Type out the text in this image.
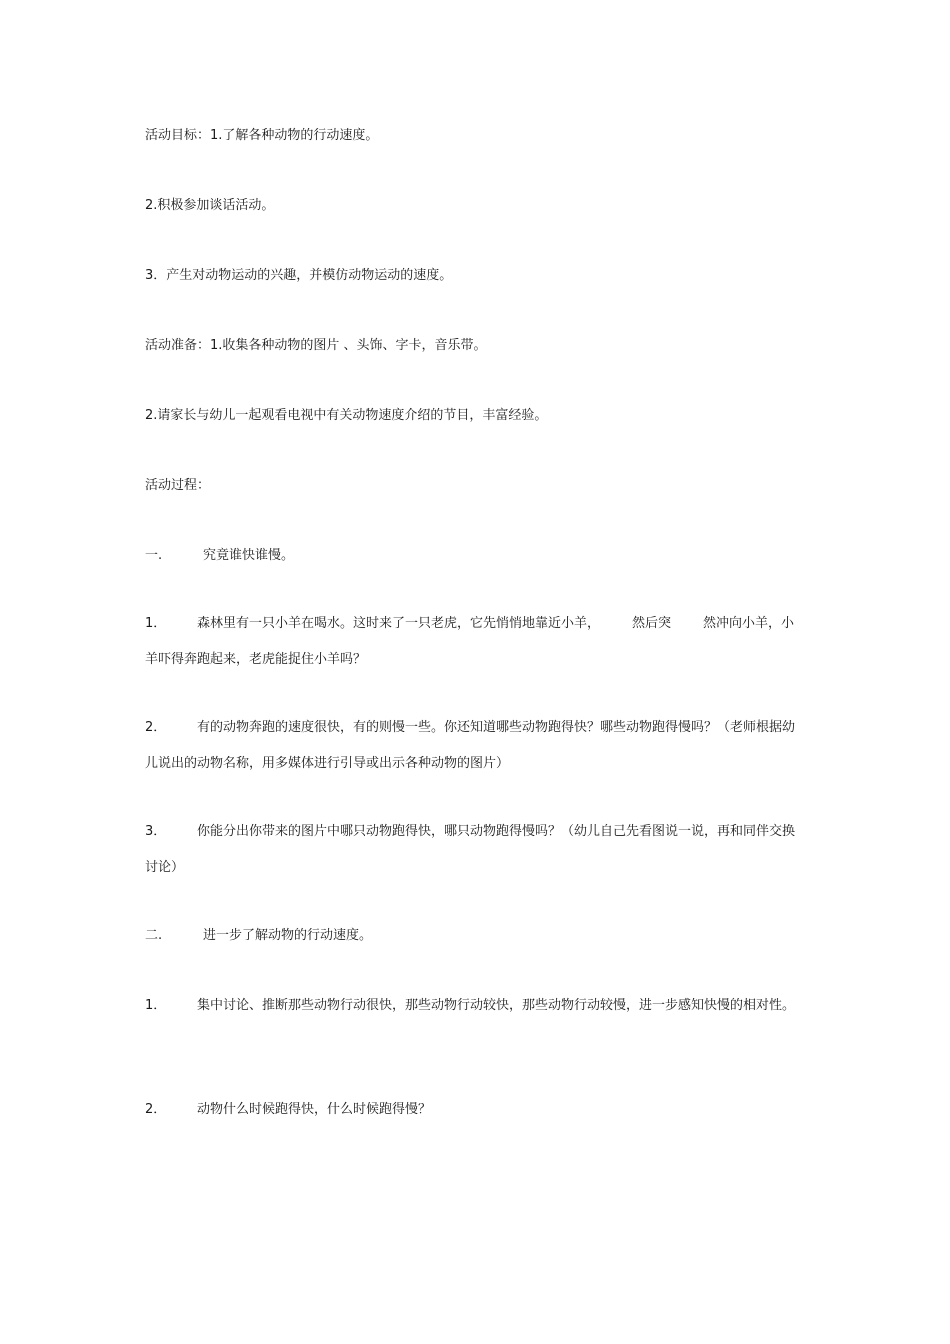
活动目标：1.了解各种动物的行动速度。
2.积极参加谈话活动。
3．产生对动物运动的兴趣，并模仿动物运动的速度。
活动准备：1.收集各种动物的图片 、头饰、字卡，音乐带。
2.请家长与幼儿一起观看电视中有关动物速度介绍的节目，丰富经验。
活动过程：
一.	究竟谁快谁慢。
1． 森林里有一只小羊在喝水。这时来了一只老虎，它先悄悄地靠近小羊， 然后突 然冲向小羊，小羊吓得奔跑起来，老虎能捉住小羊吗？
2． 有的动物奔跑的速度很快，有的则慢一些。你还知道哪些动物跑得快？哪些动物跑得慢吗？（老师根据幼儿说出的动物名称，用多媒体进行引导或出示各种动物的图片）
3． 你能分出你带来的图片中哪只动物跑得快，哪只动物跑得慢吗？（幼儿自己先看图说一说，再和同伴交换讨论）
二.	进一步了解动物的行动速度。
1． 集中讨论、推断那些动物行动很快，那些动物行动较快，那些动物行动较慢，进一步感知快慢的相对性。
2． 动物什么时候跑得快，什么时候跑得慢？
